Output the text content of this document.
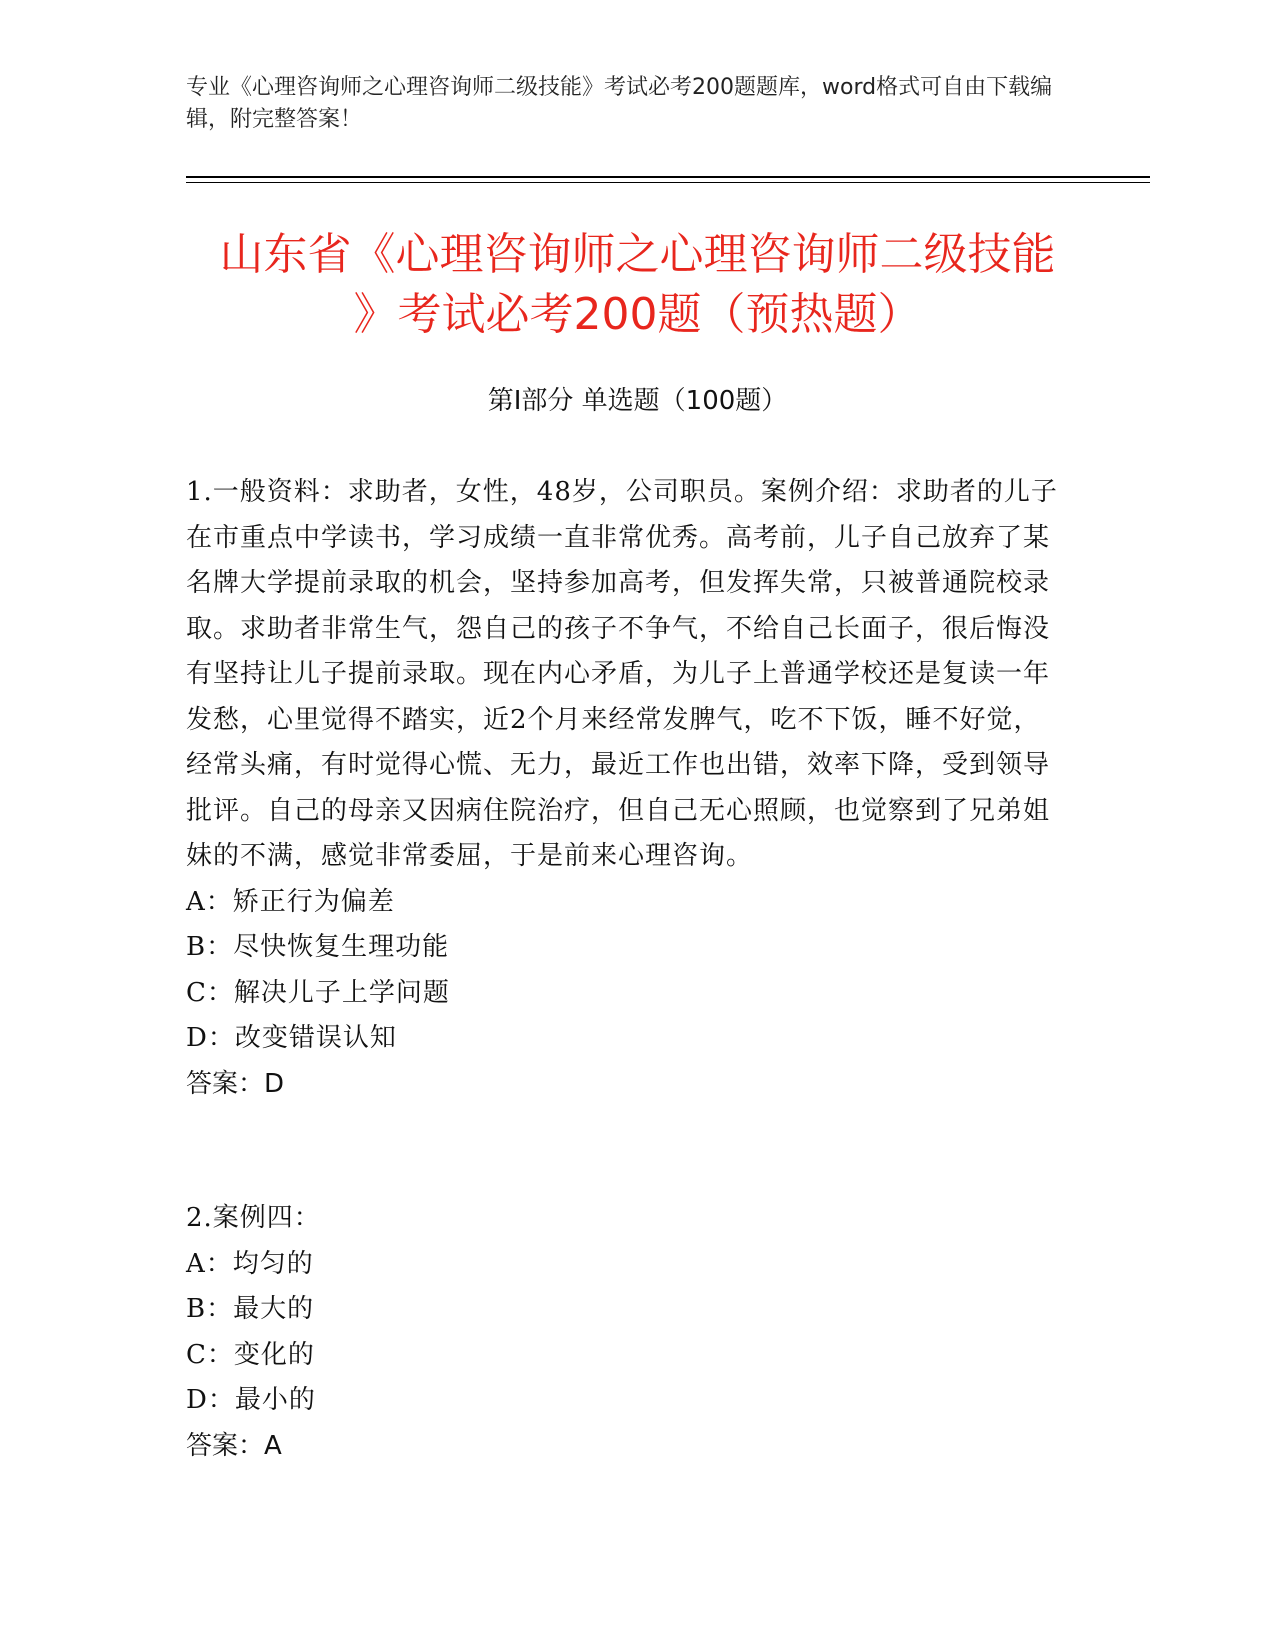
专业《心理咨询师之心理咨询师二级技能》考试必考200题题库，word格式可自由下载编辑，附完整答案！
山东省《心理咨询师之心理咨询师二级技能
》考试必考200题（预热题）
第Ⅰ部分 单选题（100题）

1.一般资料：求助者，女性，48岁，公司职员。案例介绍：求助者的儿子在市重点中学读书，学习成绩一直非常优秀。高考前，儿子自己放弃了某名牌大学提前录取的机会，坚持参加高考，但发挥失常，只被普通院校录取。求助者非常生气，怨自己的孩子不争气，不给自己长面子，很后悔没有坚持让儿子提前录取。现在内心矛盾，为儿子上普通学校还是复读一年发愁，心里觉得不踏实，近2个月来经常发脾气，吃不下饭，睡不好觉，经常头痛，有时觉得心慌、无力，最近工作也出错，效率下降，受到领导批评。自己的母亲又因病住院治疗，但自己无心照顾，也觉察到了兄弟姐妹的不满，感觉非常委屈，于是前来心理咨询。

A：矫正行为偏差

B：尽快恢复生理功能

C：解决儿子上学问题

D：改变错误认知

答案：D

2.案例四：

A：均匀的

B：最大的

C：变化的

D：最小的

答案：A
